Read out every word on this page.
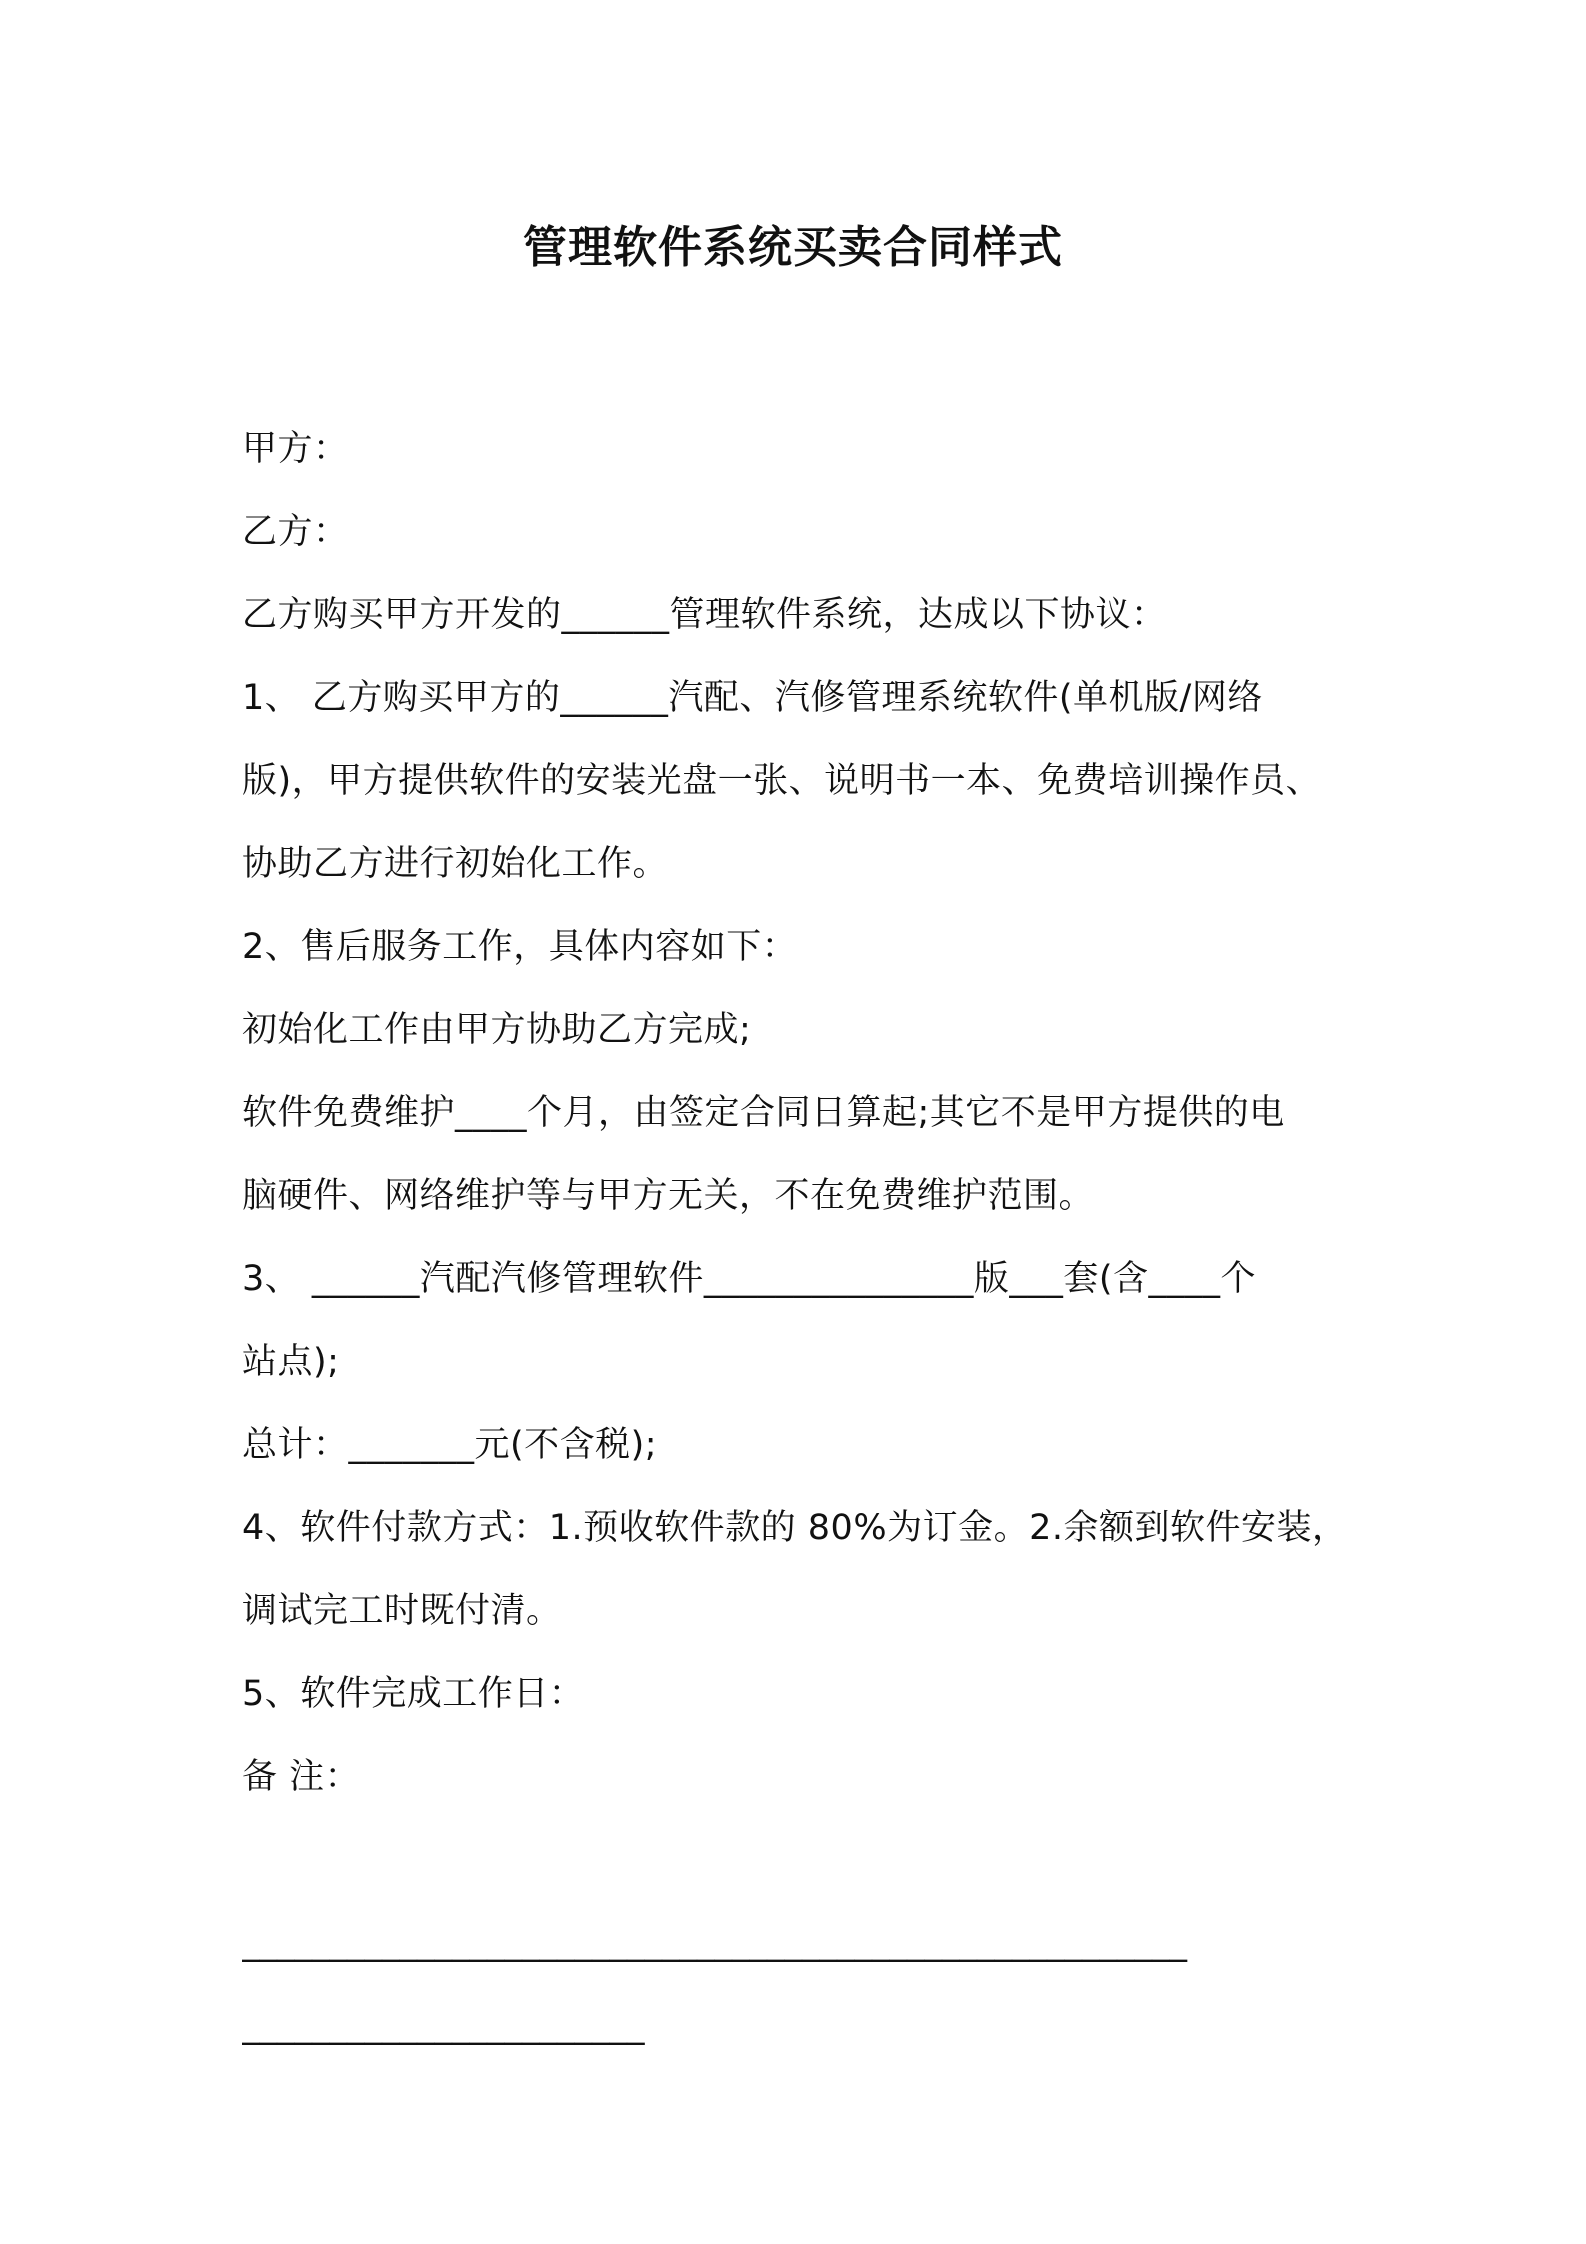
管理软件系统买卖合同样式
甲方：
乙方：
乙方购买甲方开发的______管理软件系统，达成以下协议：
1、 乙方购买甲方的______汽配、汽修管理系统软件(单机版/网络
版)，甲方提供软件的安装光盘一张、说明书一本、免费培训操作员、
协助乙方进行初始化工作。
2、售后服务工作，具体内容如下：
初始化工作由甲方协助乙方完成;
软件免费维护____个月，由签定合同日算起;其它不是甲方提供的电
脑硬件、网络维护等与甲方无关，不在免费维护范围。
3、 ______汽配汽修管理软件_______________版___套(含____个
站点);
总计：_______元(不含税);
4、软件付款方式：1.预收软件款的 80%为订金。2.余额到软件安装，
调试完工时既付清。
5、软件完成工作日：
备 注：
______________________________________________________
_______________________
